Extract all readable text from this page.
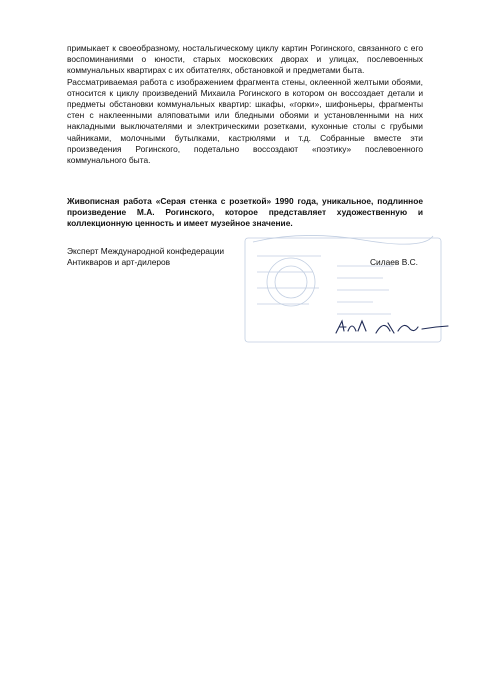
примыкает к своеобразному, ностальгическому циклу картин Рогинского, связанного с его воспоминаниями о юности, старых московских дворах и улицах, послевоенных коммунальных квартирах с их обитателях, обстановкой и предметами быта.

Рассматриваемая работа с изображением фрагмента стены, оклеенной желтыми обоями, относится к циклу произведений Михаила Рогинского в котором он воссоздает детали и предметы обстановки коммунальных квартир: шкафы, «горки», шифоньеры, фрагменты стен с наклеенными аляповатыми или бледными обоями и установленными на них накладными выключателями и электрическими розетками, кухонные столы с грубыми чайниками, молочными бутылками, кастрюлями и т.д. Собранные вместе эти произведения Рогинского, подетально воссоздают «поэтику» послевоенного коммунального быта.

Живописная работа «Серая стенка с розеткой» 1990 года, уникальное, подлинное произведение М.А. Рогинского, которое представляет художественную и коллекционную ценность и имеет музейное значение.

Эксперт Международной конфедерации
Антикваров и арт-дилеров	Силаев В.С.
